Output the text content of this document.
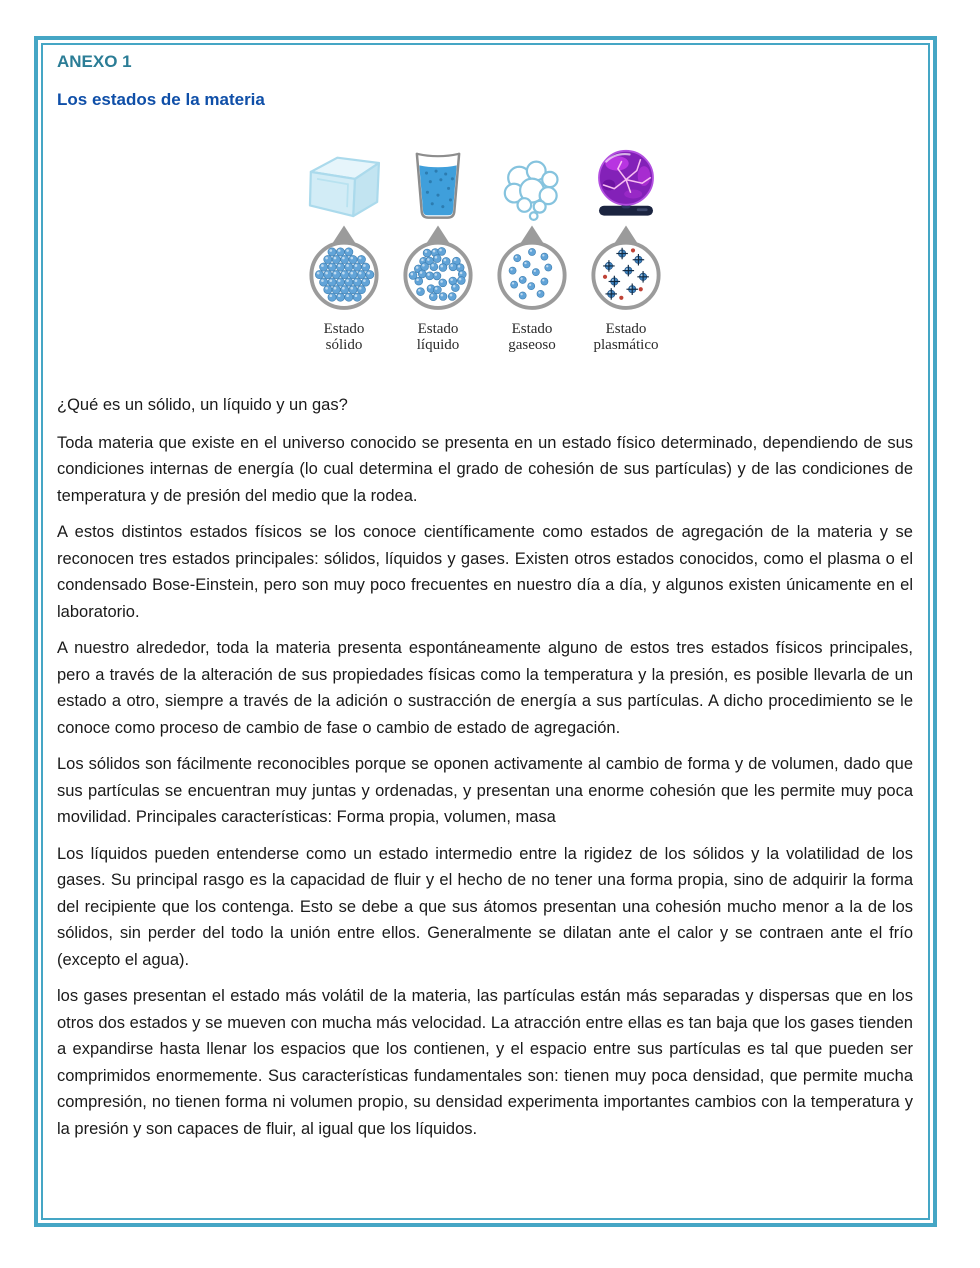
ANEXO 1

Los estados de la materia

Estado
sólido
Estado
líquido
Estado
gaseoso
Estado
plasmático

¿Qué es un sólido, un líquido y un gas?

Toda materia que existe en el universo conocido se presenta en un estado físico determinado, dependiendo de sus condiciones internas de energía (lo cual determina el grado de cohesión de sus partículas) y de las condiciones de temperatura y de presión del medio que la rodea.

A estos distintos estados físicos se los conoce científicamente como estados de agregación de la materia y se reconocen tres estados principales: sólidos, líquidos y gases. Existen otros estados conocidos, como el plasma o el condensado Bose-Einstein, pero son muy poco frecuentes en nuestro día a día, y algunos existen únicamente en el laboratorio.

A nuestro alrededor, toda la materia presenta espontáneamente alguno de estos tres estados físicos principales, pero a través de la alteración de sus propiedades físicas como la temperatura y la presión, es posible llevarla de un estado a otro, siempre a través de la adición o sustracción de energía a sus partículas. A dicho procedimiento se le conoce como proceso de cambio de fase o cambio de estado de agregación.

Los sólidos son fácilmente reconocibles porque se oponen activamente al cambio de forma y de volumen, dado que sus partículas se encuentran muy juntas y ordenadas, y presentan una enorme cohesión que les permite muy poca movilidad. Principales características: Forma propia, volumen, masa

Los líquidos pueden entenderse como un estado intermedio entre la rigidez de los sólidos y la volatilidad de los gases. Su principal rasgo es la capacidad de fluir y el hecho de no tener una forma propia, sino de adquirir la forma del recipiente que los contenga. Esto se debe a que sus átomos presentan una cohesión mucho menor a la de los sólidos, sin perder del todo la unión entre ellos. Generalmente se dilatan ante el calor y se contraen ante el frío (excepto el agua).

los gases presentan el estado más volátil de la materia, las partículas están más separadas y dispersas que en los otros dos estados y se mueven con mucha más velocidad. La atracción entre ellas es tan baja que los gases tienden a expandirse hasta llenar los espacios que los contienen, y el espacio entre sus partículas es tal que pueden ser comprimidos enormemente. Sus características fundamentales son: tienen muy poca densidad, que permite mucha compresión, no tienen forma ni volumen propio, su densidad experimenta importantes cambios con la temperatura y la presión y son capaces de fluir, al igual que los líquidos.
